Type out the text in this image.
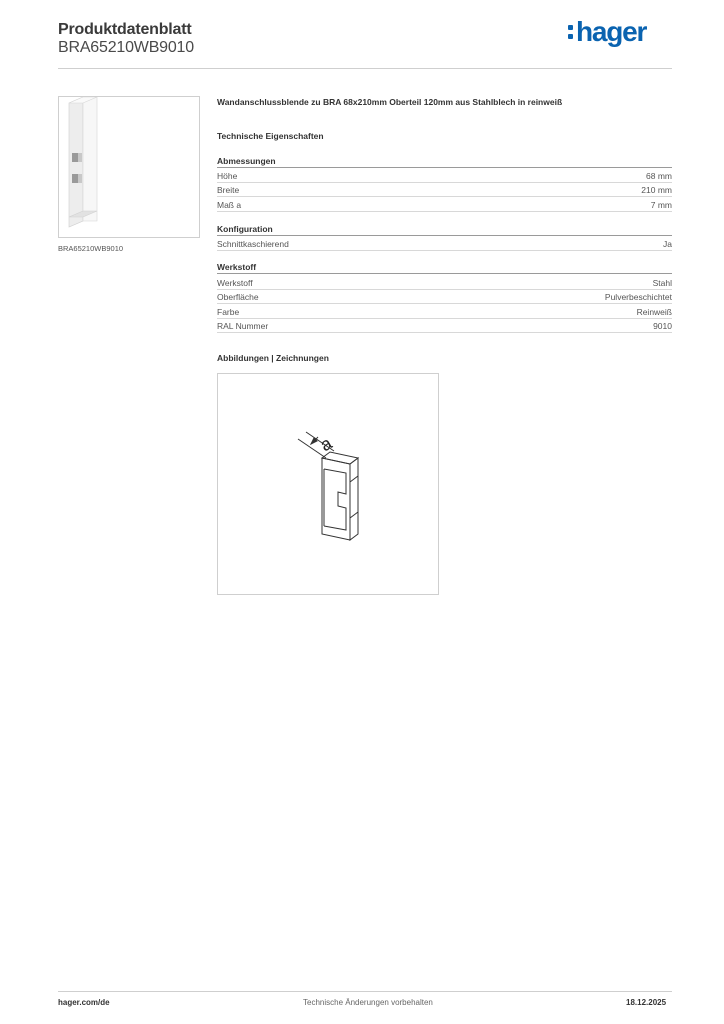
Produktdatenblatt
BRA65210WB9010
hager
BRA65210WB9010
Wandanschlussblende zu BRA 68x210mm Oberteil 120mm aus Stahlblech in reinweiß
Technische Eigenschaften
Abmessungen
Höhe	68 mm
Breite	210 mm
Maß a	7 mm
Konfiguration
Schnittkaschierend	Ja
Werkstoff
Werkstoff	Stahl
Oberfläche	Pulverbeschichtet
Farbe	Reinweiß
RAL Nummer	9010
Abbildungen | Zeichnungen
a
hager.com/de	Technische Änderungen vorbehalten	18.12.2025
